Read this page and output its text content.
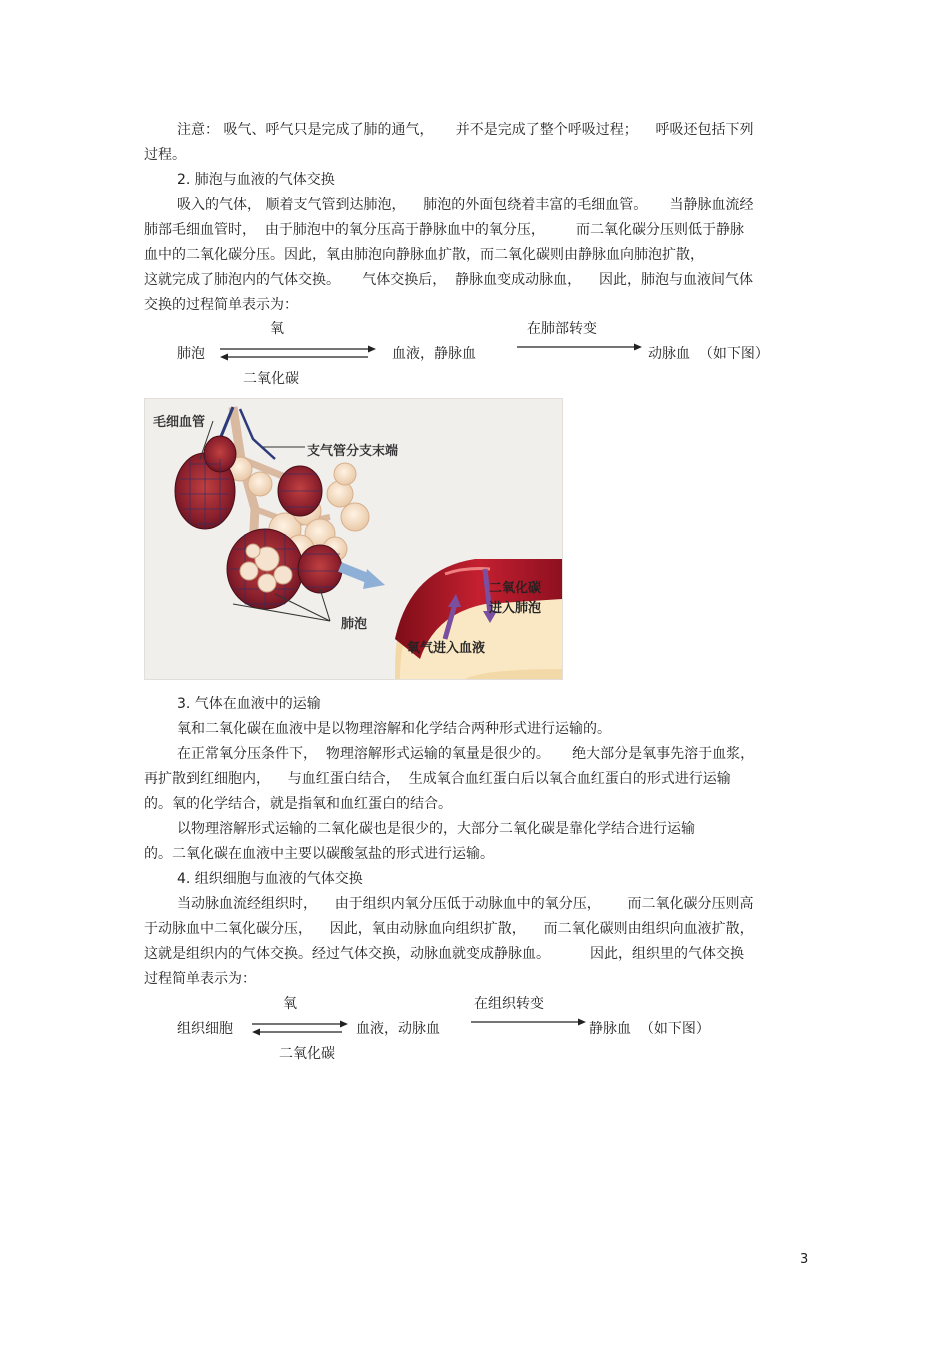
注意： 吸气、呼气只是完成了肺的通气，     并不是完成了整个呼吸过程；    呼吸还包括下列
过程。
2. 肺泡与血液的气体交换
吸入的气体， 顺着支气管到达肺泡，    肺泡的外面包绕着丰富的毛细血管。     当静脉血流经
肺部毛细血管时，  由于肺泡中的氧分压高于静脉血中的氧分压，       而二氧化碳分压则低于静脉
血中的二氧化碳分压。因此，氧由肺泡向静脉血扩散，而二氧化碳则由静脉血向肺泡扩散，
这就完成了肺泡内的气体交换。     气体交换后，  静脉血变成动脉血，    因此，肺泡与血液间气体
交换的过程简单表示为：
氧
肺泡	血液，静脉血
二氧化碳
在肺部转变
动脉血  （如下图）
毛细血管
支气管分支末端
肺泡
二氧化碳
进入肺泡
氧气进入血液
3. 气体在血液中的运输
氧和二氧化碳在血液中是以物理溶解和化学结合两种形式进行运输的。
在正常氧分压条件下，  物理溶解形式运输的氧量是很少的。     绝大部分是氧事先溶于血浆，
再扩散到红细胞内，    与血红蛋白结合，  生成氧合血红蛋白后以氧合血红蛋白的形式进行运输
的。氧的化学结合，就是指氧和血红蛋白的结合。
以物理溶解形式运输的二氧化碳也是很少的，大部分二氧化碳是靠化学结合进行运输
的。二氧化碳在血液中主要以碳酸氢盐的形式进行运输。
4. 组织细胞与血液的气体交换
当动脉血流经组织时，    由于组织内氧分压低于动脉血中的氧分压，      而二氧化碳分压则高
于动脉血中二氧化碳分压，    因此，氧由动脉血向组织扩散，    而二氧化碳则由组织向血液扩散，
这就是组织内的气体交换。经过气体交换，动脉血就变成静脉血。         因此，组织里的气体交换
过程简单表示为：
氧
组织细胞	血液，动脉血
二氧化碳
在组织转变
静脉血  （如下图）
3
